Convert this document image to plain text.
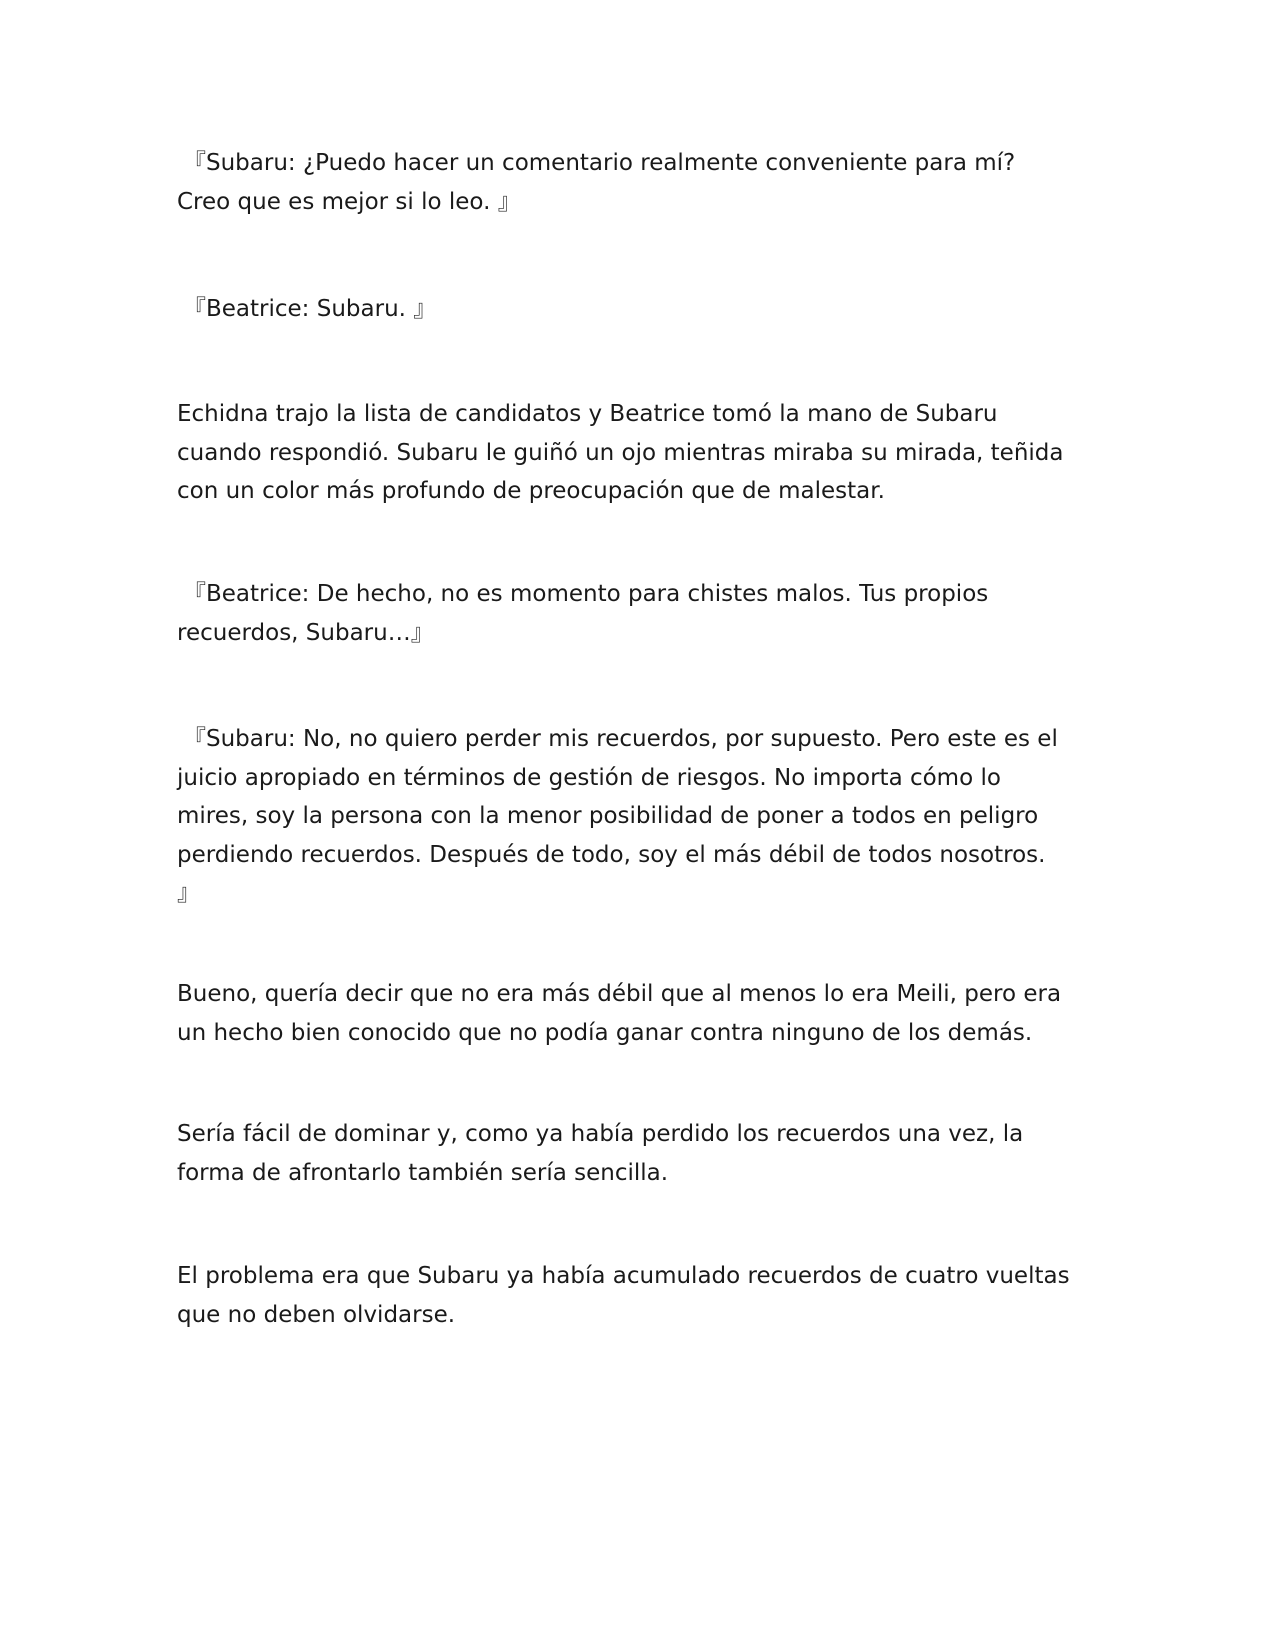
『Subaru: ¿Puedo hacer un comentario realmente conveniente para mí?
Creo que es mejor si lo leo. 』

『Beatrice: Subaru. 』

Echidna trajo la lista de candidatos y Beatrice tomó la mano de Subaru
cuando respondió. Subaru le guiñó un ojo mientras miraba su mirada, teñida
con un color más profundo de preocupación que de malestar.

『Beatrice: De hecho, no es momento para chistes malos. Tus propios
recuerdos, Subaru…』

『Subaru: No, no quiero perder mis recuerdos, por supuesto. Pero este es el
juicio apropiado en términos de gestión de riesgos. No importa cómo lo
mires, soy la persona con la menor posibilidad de poner a todos en peligro
perdiendo recuerdos. Después de todo, soy el más débil de todos nosotros.
』

Bueno, quería decir que no era más débil que al menos lo era Meili, pero era
un hecho bien conocido que no podía ganar contra ninguno de los demás.

Sería fácil de dominar y, como ya había perdido los recuerdos una vez, la
forma de afrontarlo también sería sencilla.

El problema era que Subaru ya había acumulado recuerdos de cuatro vueltas
que no deben olvidarse.
